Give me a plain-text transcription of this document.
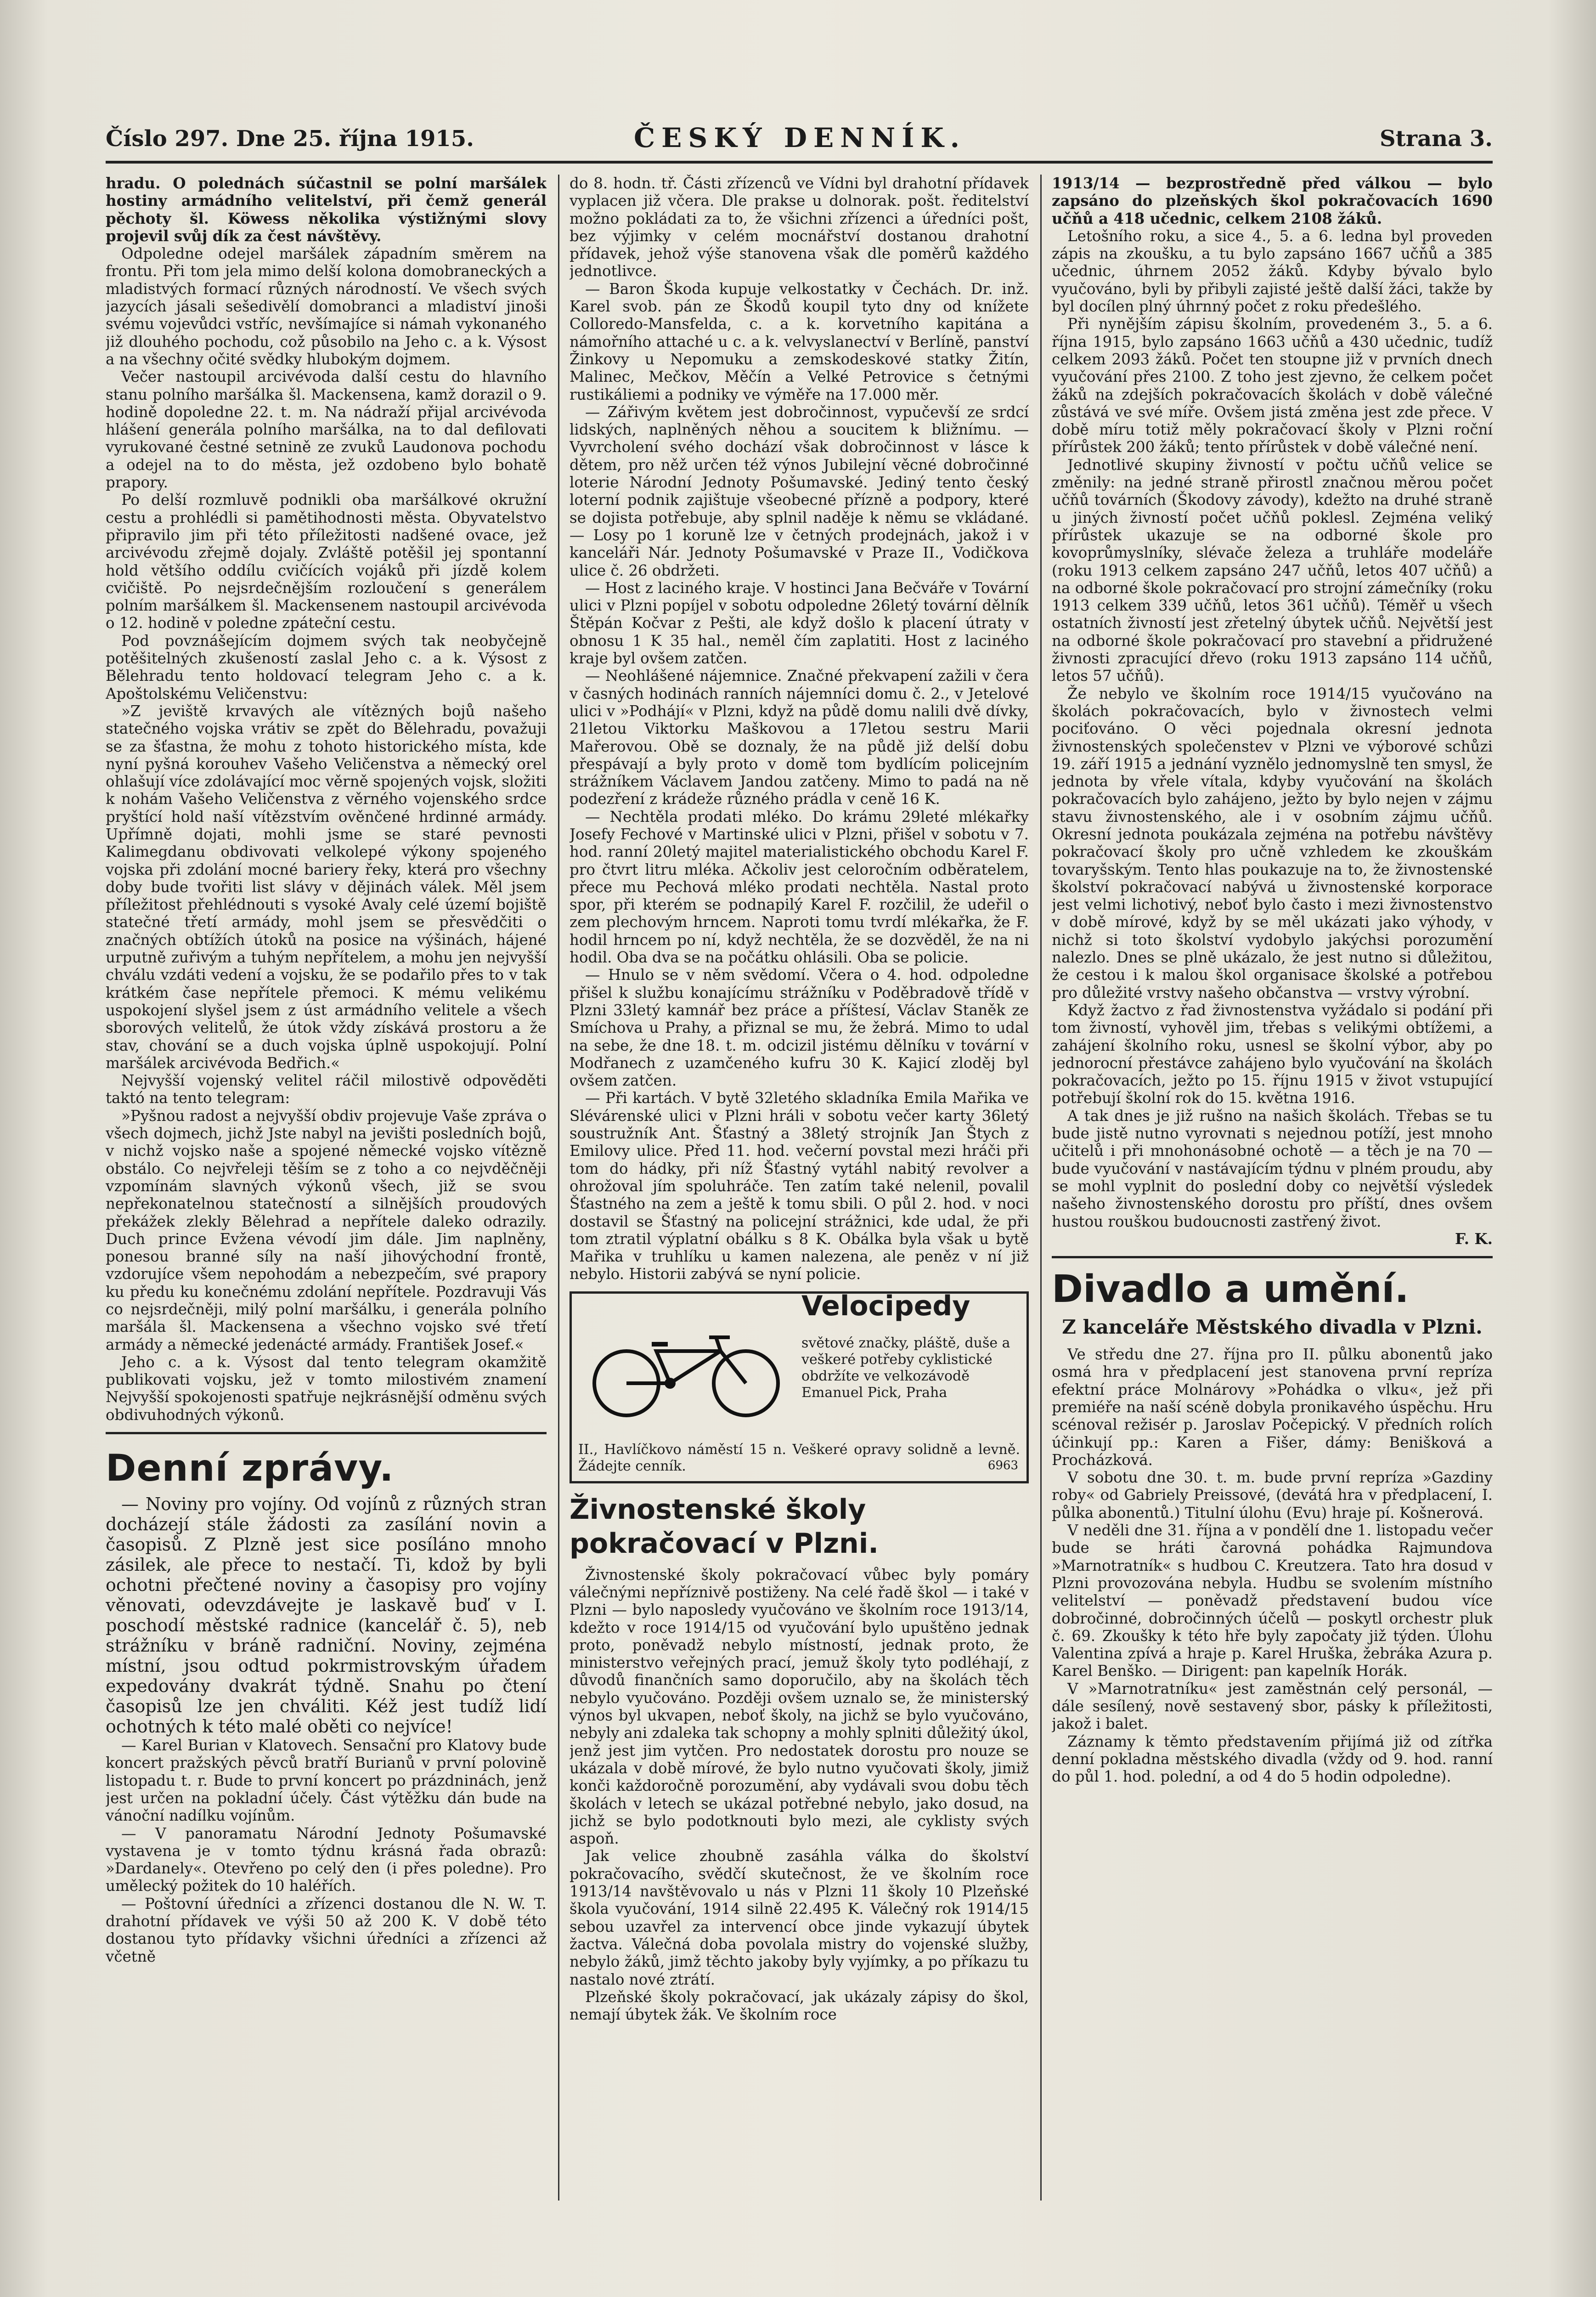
Číslo 297. Dne 25. října 1915.	ČESKÝ DENNÍK.	Strana 3.

hradu. O polednách súčastnil se polní maršálek hostiny armádního velitelství, při čemž generál pěchoty šl. Köwess několika výstižnými slovy projevil svůj dík za čest návštěvy.

Odpoledne odejel maršálek západním směrem na frontu. Při tom jela mimo delší kolona domobraneckých a mladistvých formací různých národností. Ve všech svých jazycích jásali sešedivělí domobranci a mladiství jinoši svému vojevůdci vstříc, nevšímajíce si námah vykonaného již dlouhého pochodu, což působilo na Jeho c. a k. Výsost a na všechny očité svědky hlubokým dojmem.

Večer nastoupil arcivévoda další cestu do hlavního stanu polního maršálka šl. Mackensena, kamž dorazil o 9. hodině dopoledne 22. t. m. Na nádraží přijal arcivévoda hlášení generála polního maršálka, na to dal defilovati vyrukované čestné setnině ze zvuků Laudonova pochodu a odejel na to do města, jež ozdobeno bylo bohatě prapory.

Po delší rozmluvě podnikli oba maršálkové okružní cestu a prohlédli si pamětihodnosti města. Obyvatelstvo připravilo jim při této příležitosti nadšené ovace, jež arcivévodu zřejmě dojaly. Zvláště potěšil jej spontanní hold většího oddílu cvičících vojáků při jízdě kolem cvičiště. Po nejsrdečnějším rozloučení s generálem polním maršálkem šl. Mackensenem nastoupil arcivévoda o 12. hodině v poledne zpáteční cestu.

Pod povznášejícím dojmem svých tak neobyčejně potěšitelných zkušeností zaslal Jeho c. a k. Výsost z Bělehradu tento holdovací telegram Jeho c. a k. Apoštolskému Veličenstvu:

»Z jeviště krvavých ale vítězných bojů našeho statečného vojska vrátiv se zpět do Bělehradu, považuji se za šťastna, že mohu z tohoto historického místa, kde nyní pyšná korouhev Vašeho Veličenstva a německý orel ohlašují více zdolávající moc věrně spojených vojsk, složiti k nohám Vašeho Veličenstva z věrného vojenského srdce pryštící hold naší vítězstvím ověnčené hrdinné armády. Upřímně dojati, mohli jsme se staré pevnosti Kalimegdanu obdivovati velkolepé výkony spojeného vojska při zdolání mocné bariery řeky, která pro všechny doby bude tvořiti list slávy v dějinách válek. Měl jsem příležitost přehlédnouti s vysoké Avaly celé území bojiště statečné třetí armády, mohl jsem se přesvědčiti o značných obtížích útoků na posice na výšinách, hájené urputně zuřivým a tuhým nepřítelem, a mohu jen nejvyšší chválu vzdáti vedení a vojsku, že se podařilo přes to v tak krátkém čase nepřítele přemoci. K mému velikému uspokojení slyšel jsem z úst armádního velitele a všech sborových velitelů, že útok vždy získává prostoru a že stav, chování se a duch vojska úplně uspokojují. Polní maršálek arcivévoda Bedřich.«

Nejvyšší vojenský velitel ráčil milostivě odpověděti taktó na tento telegram:

»Pyšnou radost a nejvyšší obdiv projevuje Vaše zpráva o všech dojmech, jichž Jste nabyl na jevišti posledních bojů, v nichž vojsko naše a spojené německé vojsko vítězně obstálo. Co nejvřeleji těším se z toho a co nejvděčněji vzpomínám slavných výkonů všech, již se svou nepřekonatelnou statečností a silnějších proudových překážek zlekly Bělehrad a nepřítele daleko odrazily. Duch prince Evžena vévodí jim dále. Jim naplněny, ponesou branné síly na naší jihovýchodní frontě, vzdorujíce všem nepohodám a nebezpečím, své prapory ku předu ku konečnému zdolání nepřítele. Pozdravuji Vás co nejsrdečněji, milý polní maršálku, i generála polního maršála šl. Mackensena a všechno vojsko své třetí armády a německé jedenácté armády. František Josef.«

Jeho c. a k. Výsost dal tento telegram okamžitě publikovati vojsku, jež v tomto milostivém znamení Nejvyšší spokojenosti spatřuje nejkrásnější odměnu svých obdivuhodných výkonů.

Denní zprávy.

— Noviny pro vojíny. Od vojínů z různých stran docházejí stále žádosti za zasílání novin a časopisů. Z Plzně jest sice posíláno mnoho zásilek, ale přece to nestačí. Ti, kdož by byli ochotni přečtené noviny a časopisy pro vojíny věnovati, odevzdávejte je laskavě buď v I. poschodí městské radnice (kancelář č. 5), neb strážníku v bráně radniční. Noviny, zejména místní, jsou odtud pokrmistrovským úřadem expedovány dvakrát týdně. Snahu po čtení časopisů lze jen chváliti. Kéž jest tudíž lidí ochotných k této malé oběti co nejvíce!

— Karel Burian v Klatovech. Sensační pro Klatovy bude koncert pražských pěvců bratří Burianů v první polovině listopadu t. r. Bude to první koncert po prázdninách, jenž jest určen na pokladní účely. Část výtěžku dán bude na vánoční nadílku vojínům.

— V panoramatu Národní Jednoty Pošumavské vystavena je v tomto týdnu krásná řada obrazů: »Dardanely«. Otevřeno po celý den (i přes poledne). Pro umělecký požitek do 10 haléřích.

— Poštovní úředníci a zřízenci dostanou dle N. W. T. drahotní přídavek ve výši 50 až 200 K. V době této dostanou tyto přídavky všichni úředníci a zřízenci až včetně

do 8. hodn. tř. Části zřízenců ve Vídni byl drahotní přídavek vyplacen již včera. Dle prakse u dolnorak. pošt. ředitelství možno pokládati za to, že všichni zřízenci a úředníci pošt, bez výjimky v celém mocnářství dostanou drahotní přídavek, jehož výše stanovena však dle poměrů každého jednotlivce.

— Baron Škoda kupuje velkostatky v Čechách. Dr. inž. Karel svob. pán ze Škodů koupil tyto dny od knížete Colloredo-Mansfelda, c. a k. korvetního kapitána a námořního attaché u c. a k. velvyslanectví v Berlíně, panství Žinkovy u Nepomuku a zemskodeskové statky Žitín, Malinec, Mečkov, Měčín a Velké Petrovice s četnými rustikáliemi a podniky ve výměře na 17.000 měr.

— Zářivým květem jest dobročinnost, vypučevší ze srdcí lidských, naplněných něhou a soucitem k bližnímu. — Vyvrcholení svého dochází však dobročinnost v lásce k dětem, pro něž určen též výnos Jubilejní věcné dobročinné loterie Národní Jednoty Pošumavské. Jediný tento český loterní podnik zajištuje všeobecné přízně a podpory, které se dojista potřebuje, aby splnil naděje k němu se vkládané. — Losy po 1 koruně lze v četných prodejnách, jakož i v kanceláři Nár. Jednoty Pošumavské v Praze II., Vodičkova ulice č. 26 obdržeti.

— Host z laciného kraje. V hostinci Jana Bečváře v Tovární ulici v Plzni popíjel v sobotu odpoledne 26letý tovární dělník Štěpán Kočvar z Pešti, ale když došlo k placení útraty v obnosu 1 K 35 hal., neměl čím zaplatiti. Host z laciného kraje byl ovšem zatčen.

— Neohlášené nájemnice. Značné překvapení zažili v čera v časných hodinách ranních nájemníci domu č. 2., v Jetelové ulici v »Podhájí« v Plzni, když na půdě domu nalili dvě dívky, 21letou Viktorku Maškovou a 17letou sestru Marii Mařerovou. Obě se doznaly, že na půdě již delší dobu přespávají a byly proto v domě tom bydlícím policejním strážníkem Václavem Jandou zatčeny. Mimo to padá na ně podezření z krádeže různého prádla v ceně 16 K.

— Nechtěla prodati mléko. Do krámu 29leté mlékařky Josefy Fechové v Martinské ulici v Plzni, přišel v sobotu v 7. hod. ranní 20letý majitel materialistického obchodu Karel F. pro čtvrt litru mléka. Ačkoliv jest celoročním odběratelem, přece mu Pechová mléko prodati nechtěla. Nastal proto spor, při kterém se podnapilý Karel F. rozčilil, že udeřil o zem plechovým hrncem. Naproti tomu tvrdí mlékařka, že F. hodil hrncem po ní, když nechtěla, že se dozvěděl, že na ni hodil. Oba dva se na počátku ohlásili. Oba se policie.

— Hnulo se v něm svědomí. Včera o 4. hod. odpoledne přišel k službu konajícímu strážníku v Poděbradově třídě v Plzni 33letý kamnář bez práce a příštesí, Václav Staněk ze Smíchova u Prahy, a přiznal se mu, že žebrá. Mimo to udal na sebe, že dne 18. t. m. odcizil jistému dělníku v tovární v Modřanech z uzamčeného kufru 30 K. Kajicí zloděj byl ovšem zatčen.

— Při kartách. V bytě 32letého skladníka Emila Mařika ve Slévárenské ulici v Plzni hráli v sobotu večer karty 36letý soustružník Ant. Šťastný a 38letý strojník Jan Štych z Emilovy ulice. Před 11. hod. večerní povstal mezi hráči při tom do hádky, při níž Šťastný vytáhl nabitý revolver a ohrožoval jím spoluhráče. Ten zatím také nelenil, povalil Šťastného na zem a ještě k tomu sbili. O půl 2. hod. v noci dostavil se Šťastný na policejní strážnici, kde udal, že při tom ztratil výplatní obálku s 8 K. Obálka byla však u bytě Mařika v truhlíku u kamen nalezena, ale peněz v ní již nebylo. Historii zabývá se nyní policie.

Velocipedy
světové značky, pláště, duše a veškeré potřeby cyklistické obdržíte ve velkozávodě Emanuel Pick, Praha
II., Havlíčkovo náměstí 15 n. Veškeré opravy solidně a levně. Žádejte cenník.	6963
Živnostenské školy pokračovací v Plzni.

Živnostenské školy pokračovací vůbec byly pomáry válečnými nepříznivě postiženy. Na celé řadě škol — i také v Plzni — bylo naposledy vyučováno ve školním roce 1913/14, kdežto v roce 1914/15 od vyučování bylo upuštěno jednak proto, poněvadž nebylo místností, jednak proto, že ministerstvo veřejných prací, jemuž školy tyto podléhají, z důvodů finančních samo doporučilo, aby na školách těch nebylo vyučováno. Později ovšem uznalo se, že ministerský výnos byl ukvapen, neboť školy, na jichž se bylo vyučováno, nebyly ani zdaleka tak schopny a mohly splniti důležitý úkol, jenž jest jim vytčen. Pro nedostatek dorostu pro nouze se ukázala v době mírové, že bylo nutno vyučovati školy, jimiž konči každoročně porozumění, aby vydávali svou dobu těch školách v letech se ukázal potřebné nebylo, jako dosud, na jichž se bylo podotknouti bylo mezi, ale cyklisty svých aspoň.

Jak velice zhoubně zasáhla válka do školství pokračovacího, svědčí skutečnost, že ve školním roce 1913/14 navštěvovalo u nás v Plzni 11 školy 10 Plzeňské škola vyučování, 1914 silně 22.495 K. Válečný rok 1914/15 sebou uzavřel za intervencí obce jinde vykazují úbytek žactva. Válečná doba povolala mistry do vojenské služby, nebylo žáků, jimž těchto jakoby byly vyjímky, a po příkazu tu nastalo nové ztrátí.

Plzeňské školy pokračovací, jak ukázaly zápisy do škol, nemají úbytek žák. Ve školním roce

1913/14 — bezprostředně před válkou — bylo zapsáno do plzeňských škol pokračovacích 1690 učňů a 418 učednic, celkem 2108 žáků.

Letošního roku, a sice 4., 5. a 6. ledna byl proveden zápis na zkoušku, a tu bylo zapsáno 1667 učňů a 385 učednic, úhrnem 2052 žáků. Kdyby bývalo bylo vyučováno, byli by přibyli zajisté ještě další žáci, takže by byl docílen plný úhrnný počet z roku předešlého.

Při nynějším zápisu školním, provedeném 3., 5. a 6. října 1915, bylo zapsáno 1663 učňů a 430 učednic, tudíž celkem 2093 žáků. Počet ten stoupne již v prvních dnech vyučování přes 2100. Z toho jest zjevno, že celkem počet žáků na zdejších pokračovacích školách v době válečné zůstává ve své míře. Ovšem jistá změna jest zde přece. V době míru totiž měly pokračovací školy v Plzni roční přírůstek 200 žáků; tento přírůstek v době válečné není.

Jednotlivé skupiny živností v počtu učňů velice se změnily: na jedné straně přirostl značnou měrou počet učňů továrních (Škodovy závody), kdežto na druhé straně u jiných živností počet učňů poklesl. Zejména veliký přírůstek ukazuje se na odborné škole pro kovoprůmyslníky, slévače železa a truhláře modeláře (roku 1913 celkem zapsáno 247 učňů, letos 407 učňů) a na odborné škole pokračovací pro strojní zámečníky (roku 1913 celkem 339 učňů, letos 361 učňů). Téměř u všech ostatních živností jest zřetelný úbytek učňů. Největší jest na odborné škole pokračovací pro stavební a přidružené živnosti zpracující dřevo (roku 1913 zapsáno 114 učňů, letos 57 učňů).

Že nebylo ve školním roce 1914/15 vyučováno na školách pokračovacích, bylo v živnostech velmi pociťováno. O věci pojednala okresní jednota živnostenských společenstev v Plzni ve výborové schůzi 19. září 1915 a jednání vyznělo jednomyslně ten smysl, že jednota by vřele vítala, kdyby vyučování na školách pokračovacích bylo zahájeno, ježto by bylo nejen v zájmu stavu živnostenského, ale i v osobním zájmu učňů. Okresní jednota poukázala zejména na potřebu návštěvy pokračovací školy pro učně vzhledem ke zkouškám tovaryšským. Tento hlas poukazuje na to, že živnostenské školství pokračovací nabývá u živnostenské korporace jest velmi lichotivý, neboť bylo často i mezi živnostenstvo v době mírové, když by se měl ukázati jako výhody, v nichž si toto školství vydobylo jakýchsi porozumění nalezlo. Dnes se plně ukázalo, že jest nutno si důležitou, že cestou i k malou škol organisace školské a potřebou pro důležité vrstvy našeho občanstva — vrstvy výrobní.

Když žactvo z řad živnostenstva vyžádalo si podání při tom živností, vyhověl jim, třebas s velikými obtížemi, a zahájení školního roku, usnesl se školní výbor, aby po jednorocní přestávce zahájeno bylo vyučování na školách pokračovacích, ježto po 15. říjnu 1915 v život vstupující potřebují školní rok do 15. května 1916.

A tak dnes je již rušno na našich školách. Třebas se tu bude jistě nutno vyrovnati s nejednou potíží, jest mnoho učitelů i při mnohonásobné ochotě — a těch je na 70 — bude vyučování v nastávajícím týdnu v plném proudu, aby se mohl vyplnit do poslední doby co největší výsledek našeho živnostenského dorostu pro příští, dnes ovšem hustou rouškou budoucnosti zastřený život.

F. K.
Divadlo a umění.
Z kanceláře Městského divadla v Plzni.

Ve středu dne 27. října pro II. půlku abonentů jako osmá hra v předplacení jest stanovena první repríza efektní práce Molnárovy »Pohádka o vlku«, jež při premiéře na naší scéně dobyla pronikavého úspěchu. Hru scénoval režisér p. Jaroslav Počepický. V předních rolích účinkují pp.: Karen a Fišer, dámy: Benišková a Procházková.

V sobotu dne 30. t. m. bude první repríza »Gazdiny roby« od Gabriely Preissové, (devátá hra v předplacení, I. půlka abonentů.) Titulní úlohu (Evu) hraje pí. Košnerová.

V neděli dne 31. října a v pondělí dne 1. listopadu večer bude se hráti čarovná pohádka Rajmundova »Marnotratník« s hudbou C. Kreutzera. Tato hra dosud v Plzni provozována nebyla. Hudbu se svolením místního velitelství — poněvadž představení budou více dobročinné, dobročinných účelů — poskytl orchestr pluk č. 69. Zkoušky k této hře byly započaty již týden. Úlohu Valentina zpívá a hraje p. Karel Hruška, žebráka Azura p. Karel Benško. — Dirigent: pan kapelník Horák.

V »Marnotratníku« jest zaměstnán celý personál, — dále sesílený, nově sestavený sbor, pásky k příležitosti, jakož i balet.

Záznamy k těmto představením přijímá již od zítřka denní pokladna městského divadla (vždy od 9. hod. ranní do půl 1. hod. polední, a od 4 do 5 hodin odpoledne).
